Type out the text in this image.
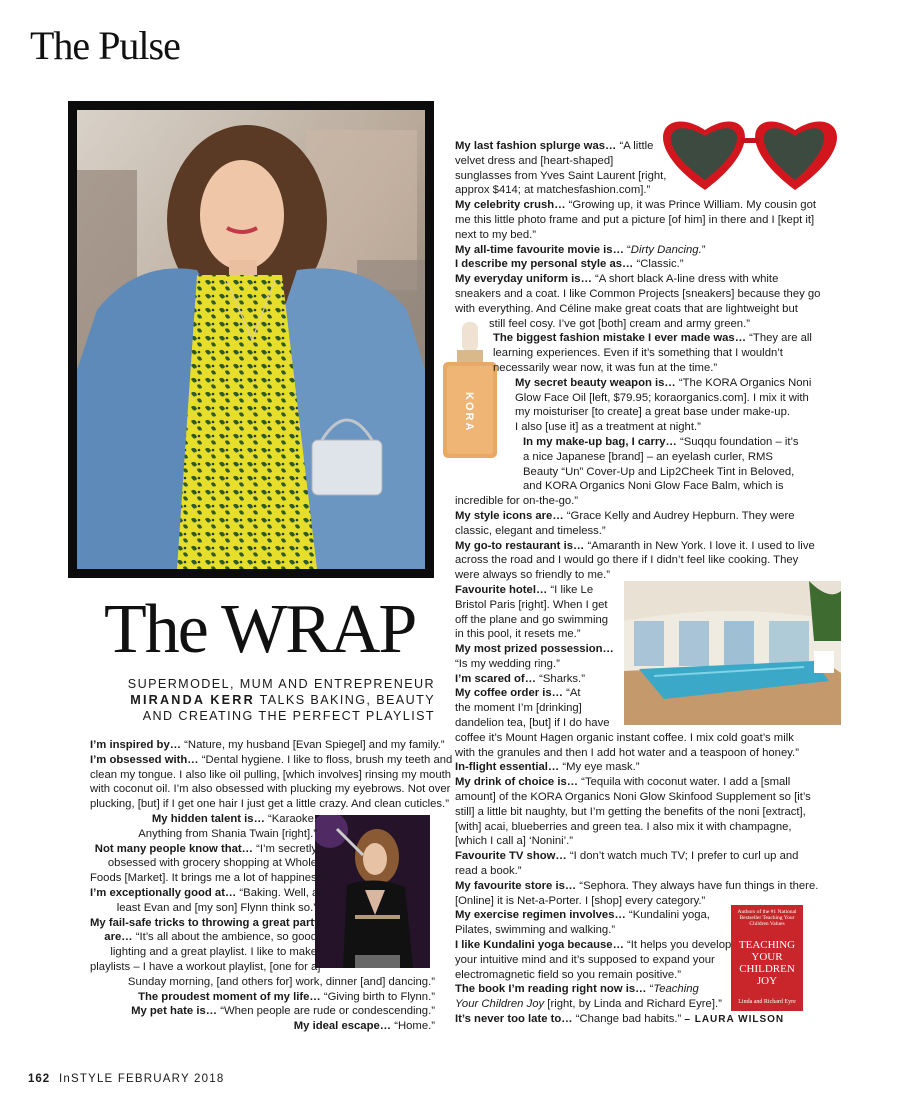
The Pulse
KORA
Authors of the #1 National Bestseller Teaching Your Children Values
TEACHING YOUR CHILDREN JOY
Linda and Richard Eyre
The WRAP
SUPERMODEL, MUM AND ENTREPRENEUR
MIRANDA KERR TALKS BAKING, BEAUTY
AND CREATING THE PERFECT PLAYLIST
I’m inspired by… “Nature, my husband [Evan Spiegel] and my family.”
I’m obsessed with… “Dental hygiene. I like to floss, brush my teeth and
clean my tongue. I also like oil pulling, [which involves] rinsing my mouth
with coconut oil. I’m also obsessed with plucking my eyebrows. Not over
plucking, [but] if I get one hair I just get a little crazy. And clean cuticles.”
My hidden talent is… “Karaoke.
Anything from Shania Twain [right].”
Not many people know that… “I’m secretly
obsessed with grocery shopping at Whole
Foods [Market]. It brings me a lot of happiness.”
I’m exceptionally good at… “Baking. Well, at
least Evan and [my son] Flynn think so.”
My fail-safe tricks to throwing a great party
are… “It’s all about the ambience, so good
lighting and a great playlist. I like to make
playlists – I have a workout playlist, [one for a]
Sunday morning, [and others for] work, dinner [and] dancing.”
The proudest moment of my life… “Giving birth to Flynn.”
My pet hate is… “When people are rude or condescending.”
My ideal escape… “Home.”
My last fashion splurge was… “A little
velvet dress and [heart-shaped]
sunglasses from Yves Saint Laurent [right,
approx $414; at matchesfashion.com].”
My celebrity crush… “Growing up, it was Prince William. My cousin got
me this little photo frame and put a picture [of him] in there and I [kept it]
next to my bed.”
My all-time favourite movie is… “Dirty Dancing.”
I describe my personal style as… “Classic.”
My everyday uniform is… “A short black A-line dress with white
sneakers and a coat. I like Common Projects [sneakers] because they go
with everything. And Céline make great coats that are lightweight but
still feel cosy. I’ve got [both] cream and army green.”
The biggest fashion mistake I ever made was… “They are all
learning experiences. Even if it’s something that I wouldn’t
necessarily wear now, it was fun at the time.”
My secret beauty weapon is… “The KORA Organics Noni
Glow Face Oil [left, $79.95; koraorganics.com]. I mix it with
my moisturiser [to create] a great base under make-up.
I also [use it] as a treatment at night.”
In my make-up bag, I carry… “Suqqu foundation – it’s
a nice Japanese [brand] – an eyelash curler, RMS
Beauty “Un” Cover-Up and Lip2Cheek Tint in Beloved,
and KORA Organics Noni Glow Face Balm, which is
incredible for on-the-go.”
My style icons are… “Grace Kelly and Audrey Hepburn. They were
classic, elegant and timeless.”
My go-to restaurant is… “Amaranth in New York. I love it. I used to live
across the road and I would go there if I didn’t feel like cooking. They
were always so friendly to me.”
Favourite hotel… “I like Le
Bristol Paris [right]. When I get
off the plane and go swimming
in this pool, it resets me.”
My most prized possession…
“Is my wedding ring.”
I’m scared of… “Sharks.”
My coffee order is… “At
the moment I’m [drinking]
dandelion tea, [but] if I do have
coffee it’s Mount Hagen organic instant coffee. I mix cold goat’s milk
with the granules and then I add hot water and a teaspoon of honey.”
In-flight essential… “My eye mask.”
My drink of choice is… “Tequila with coconut water. I add a [small
amount] of the KORA Organics Noni Glow Skinfood Supplement so [it’s
still] a little bit naughty, but I’m getting the benefits of the noni [extract],
[with] acai, blueberries and green tea. I also mix it with champagne,
[which I call a] ‘Nonini’.”
Favourite TV show… “I don’t watch much TV; I prefer to curl up and
read a book.”
My favourite store is… “Sephora. They always have fun things in there.
[Online] it is Net-a-Porter. I [shop] every category.”
My exercise regimen involves… “Kundalini yoga,
Pilates, swimming and walking.”
I like Kundalini yoga because… “It helps you develop
your intuitive mind and it’s supposed to expand your
electromagnetic field so you remain positive.”
The book I’m reading right now is… “Teaching
Your Children Joy [right, by Linda and Richard Eyre].”
It’s never too late to… “Change bad habits.” – LAURA WILSON
162 InSTYLE FEBRUARY 2018
